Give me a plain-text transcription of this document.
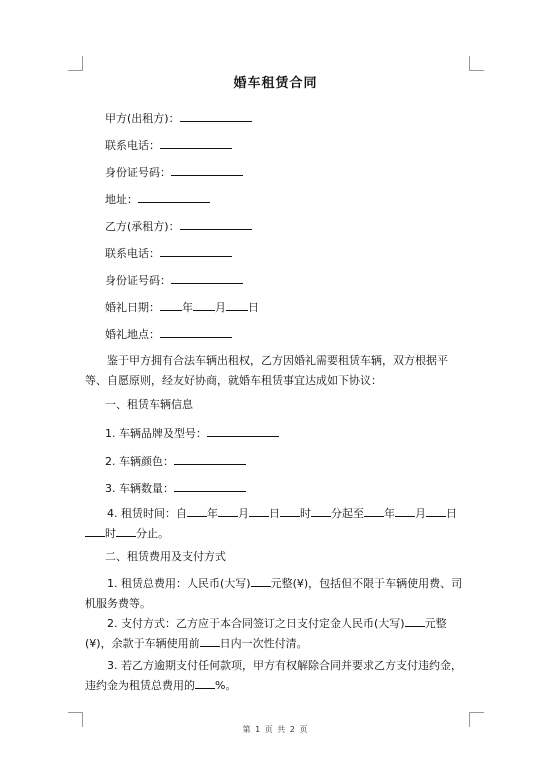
婚车租赁合同
甲方(出租方)：
联系电话：
身份证号码：
地址：
乙方(承租方)：
联系电话：
身份证号码：
婚礼日期： 年 月 日
婚礼地点：
鉴于甲方拥有合法车辆出租权，乙方因婚礼需要租赁车辆，双方根据平等、自愿原则，经友好协商，就婚车租赁事宜达成如下协议：
一、租赁车辆信息
1. 车辆品牌及型号：
2. 车辆颜色：
3. 车辆数量：
4. 租赁时间：自 年 月 日 时 分起至 年 月 日时 分止。
二、租赁费用及支付方式
1. 租赁总费用：人民币(大写) 元整(¥)，包括但不限于车辆使用费、司机服务费等。
2. 支付方式：乙方应于本合同签订之日支付定金人民币(大写) 元整(¥)，余款于车辆使用前 日内一次性付清。
3. 若乙方逾期支付任何款项，甲方有权解除合同并要求乙方支付违约金，违约金为租赁总费用的 %。
第 1 页 共 2 页
